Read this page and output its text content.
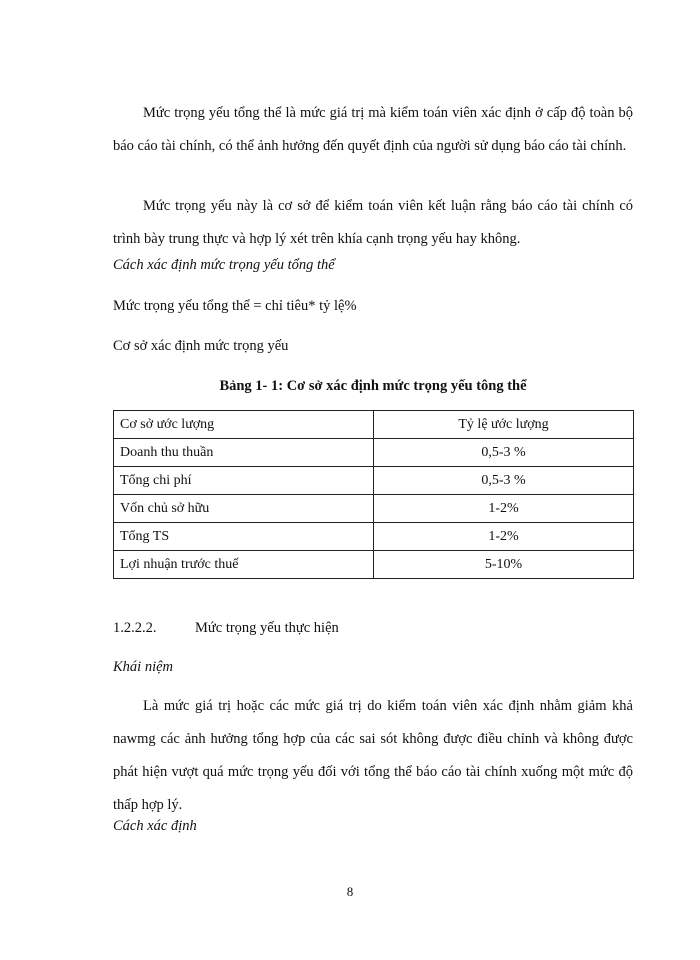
Mức trọng yếu tổng thể là mức giá trị mà kiểm toán viên xác định ở cấp độ toàn bộ báo cáo tài chính, có thể ảnh hưởng đến quyết định của người sử dụng báo cáo tài chính.

Mức trọng yếu này là cơ sở để kiểm toán viên kết luận rằng báo cáo tài chính có trình bày trung thực và hợp lý xét trên khía cạnh trọng yếu hay không.

Cách xác định mức trọng yếu tổng thể

Mức trọng yếu tổng thể = chỉ tiêu* tỷ lệ%

Cơ sở xác định mức trọng yếu

Bảng 1- 1: Cơ sở xác định mức trọng yếu tông thể

Cơ sở ước lượng	Tỷ lệ ước lượng
Doanh thu thuần	0,5-3 %
Tổng chi phí	0,5-3 %
Vốn chủ sở hữu	1-2%
Tổng TS	1-2%
Lợi nhuận trước thuế	5-10%

1.2.2.2.	Mức trọng yếu thực hiện

Khái niệm

Là mức giá trị hoặc các mức giá trị do kiểm toán viên xác định nhằm giảm khả nawmg các ảnh hưởng tổng hợp của các sai sót không được điều chỉnh và không được phát hiện vượt quá mức trọng yếu đối với tổng thể báo cáo tài chính xuống một mức độ thấp hợp lý.

Cách xác định

8
